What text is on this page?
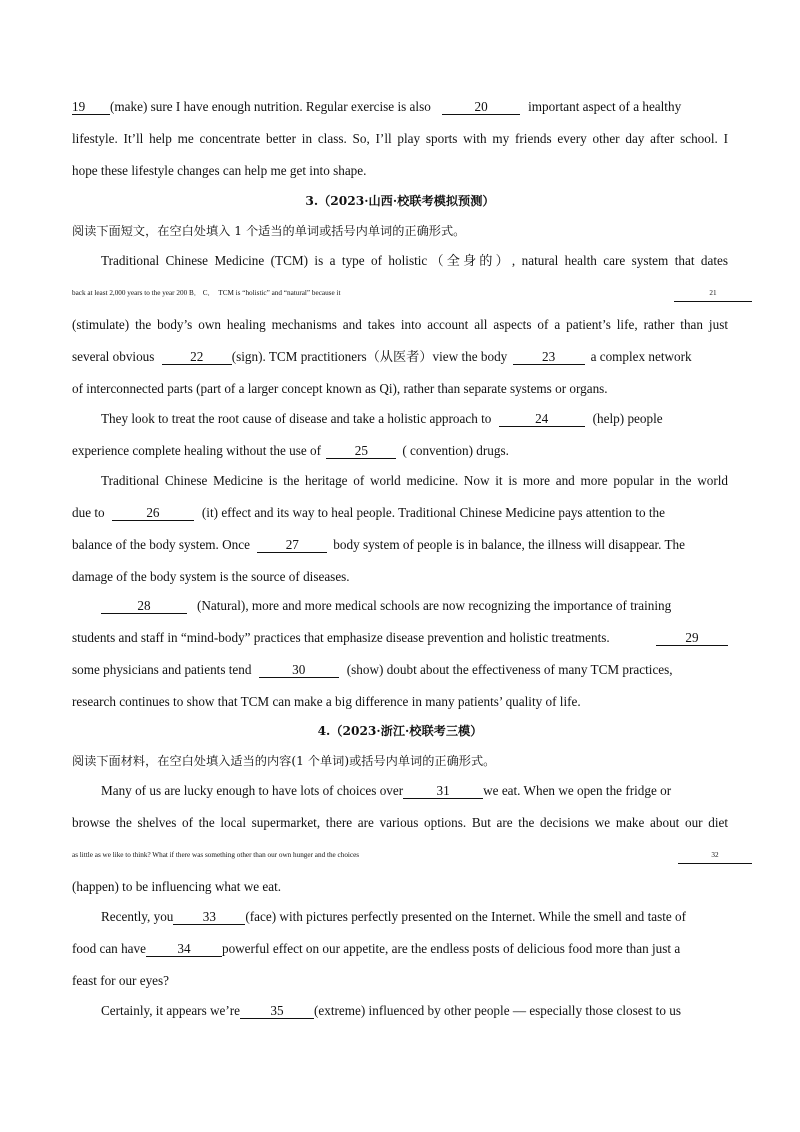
19 (make) sure I have enough nutrition. Regular exercise is also	20	important aspect of a healthy
lifestyle. It’ll help me concentrate better in class. So, I’ll play sports with my friends every other day after school. I
hope these lifestyle changes can help me get into shape.
3.（2023·山西·校联考模拟预测）
阅读下面短文，在空白处填入 1 个适当的单词或括号内单词的正确形式。
Traditional Chinese Medicine (TCM) is a type of holistic（全身的）, natural health care system that dates
back at least 2,000 years to the year 200 B． C．  TCM is “holistic” and “natural” because it	21
(stimulate) the body’s own healing mechanisms and takes into account all aspects of a patient’s life, rather than just
several obvious	22 (sign). TCM practitioners（从医者）view the body	23	a complex network
of interconnected parts (part of a larger concept known as Qi), rather than separate systems or organs.
They look to treat the root cause of disease and take a holistic approach to	24	(help) people
experience complete healing without the use of	25	( convention) drugs.
Traditional Chinese Medicine is the heritage of world medicine. Now it is more and more popular in the world
due to	26	(it) effect and its way to heal people. Traditional Chinese Medicine pays attention to the
balance of the body system. Once	27	body system of people is in balance, the illness will disappear. The
damage of the body system is the source of diseases.
28	(Natural), more and more medical schools are now recognizing the importance of training
students and staff in “mind-body” practices that emphasize disease prevention and holistic treatments.	29
some physicians and patients tend	30	(show) doubt about the effectiveness of many TCM practices,
research continues to show that TCM can make a big difference in many patients’ quality of life.
4.（2023·浙江·校联考三模）
阅读下面材料，在空白处填入适当的内容(1 个单词)或括号内单词的正确形式。
Many of us are lucky enough to have lots of choices over	31	we eat. When we open the fridge or
browse the shelves of the local supermarket, there are various options. But are the decisions we make about our diet
as little as we like to think? What if there was something other than our own hunger and the choices	32
(happen) to be influencing what we eat.
Recently, you 33 (face) with pictures perfectly presented on the Internet. While the smell and taste of
food can have 34 powerful effect on our appetite, are the endless posts of delicious food more than just a
feast for our eyes?
Certainly, it appears we’re 35 (extreme) influenced by other people — especially those closest to us
